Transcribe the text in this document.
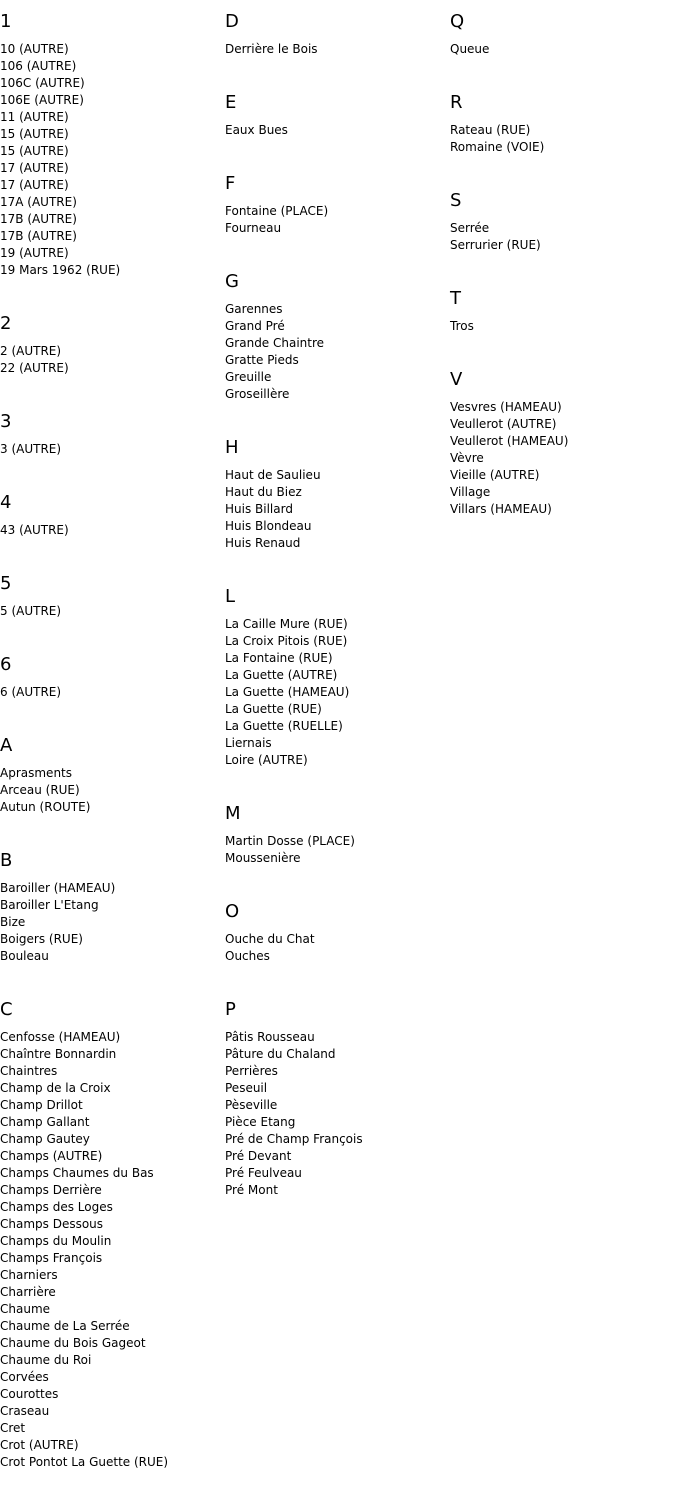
1
10 (AUTRE)
106 (AUTRE)
106C (AUTRE)
106E (AUTRE)
11 (AUTRE)
15 (AUTRE)
15 (AUTRE)
17 (AUTRE)
17 (AUTRE)
17A (AUTRE)
17B (AUTRE)
17B (AUTRE)
19 (AUTRE)
19 Mars 1962 (RUE)
2
2 (AUTRE)
22 (AUTRE)
3
3 (AUTRE)
4
43 (AUTRE)
5
5 (AUTRE)
6
6 (AUTRE)
A
Aprasments
Arceau (RUE)
Autun (ROUTE)
B
Baroiller (HAMEAU)
Baroiller L'Etang
Bize
Boigers (RUE)
Bouleau
C
Cenfosse (HAMEAU)
Chaîntre Bonnardin
Chaintres
Champ de la Croix
Champ Drillot
Champ Gallant
Champ Gautey
Champs (AUTRE)
Champs Chaumes du Bas
Champs Derrière
Champs des Loges
Champs Dessous
Champs du Moulin
Champs François
Charniers
Charrière
Chaume
Chaume de La Serrée
Chaume du Bois Gageot
Chaume du Roi
Corvées
Courottes
Craseau
Cret
Crot (AUTRE)
Crot Pontot La Guette (RUE)
D
Derrière le Bois
E
Eaux Bues
F
Fontaine (PLACE)
Fourneau
G
Garennes
Grand Pré
Grande Chaintre
Gratte Pieds
Greuille
Groseillère
H
Haut de Saulieu
Haut du Biez
Huis Billard
Huis Blondeau
Huis Renaud
L
La Caille Mure (RUE)
La Croix Pitois (RUE)
La Fontaine (RUE)
La Guette (AUTRE)
La Guette (HAMEAU)
La Guette (RUE)
La Guette (RUELLE)
Liernais
Loire (AUTRE)
M
Martin Dosse (PLACE)
Moussenière
O
Ouche du Chat
Ouches
P
Pâtis Rousseau
Pâture du Chaland
Perrières
Peseuil
Pèseville
Pièce Etang
Pré de Champ François
Pré Devant
Pré Feulveau
Pré Mont
Q
Queue
R
Rateau (RUE)
Romaine (VOIE)
S
Serrée
Serrurier (RUE)
T
Tros
V
Vesvres (HAMEAU)
Veullerot (AUTRE)
Veullerot (HAMEAU)
Vèvre
Vieille (AUTRE)
Village
Villars (HAMEAU)
